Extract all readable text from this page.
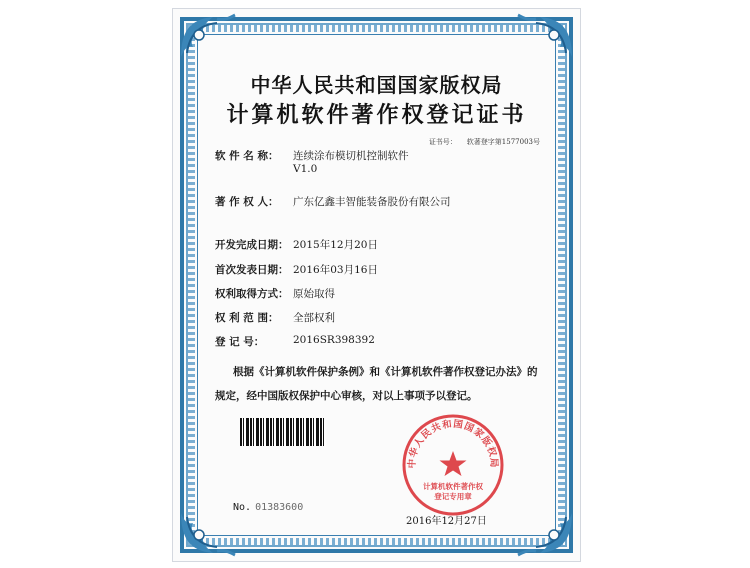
中华人民共和国国家版权局
计算机软件著作权登记证书
证书号： 软著登字第1577003号
软 件 名 称： 连续涂布模切机控制软件
V1.0
著 作 权 人： 广东亿鑫丰智能装备股份有限公司
开发完成日期： 2015年12月20日
首次发表日期： 2016年03月16日
权利取得方式： 原始取得
权 利 范 围： 全部权利
登 记 号：	2016SR398392
根据《计算机软件保护条例》和《计算机软件著作权登记办法》的
规定，经中国版权保护中心审核，对以上事项予以登记。
No. 01383600
2016年12月27日
中华人民共和国国家版权局
计算机软件著作权
登记专用章
